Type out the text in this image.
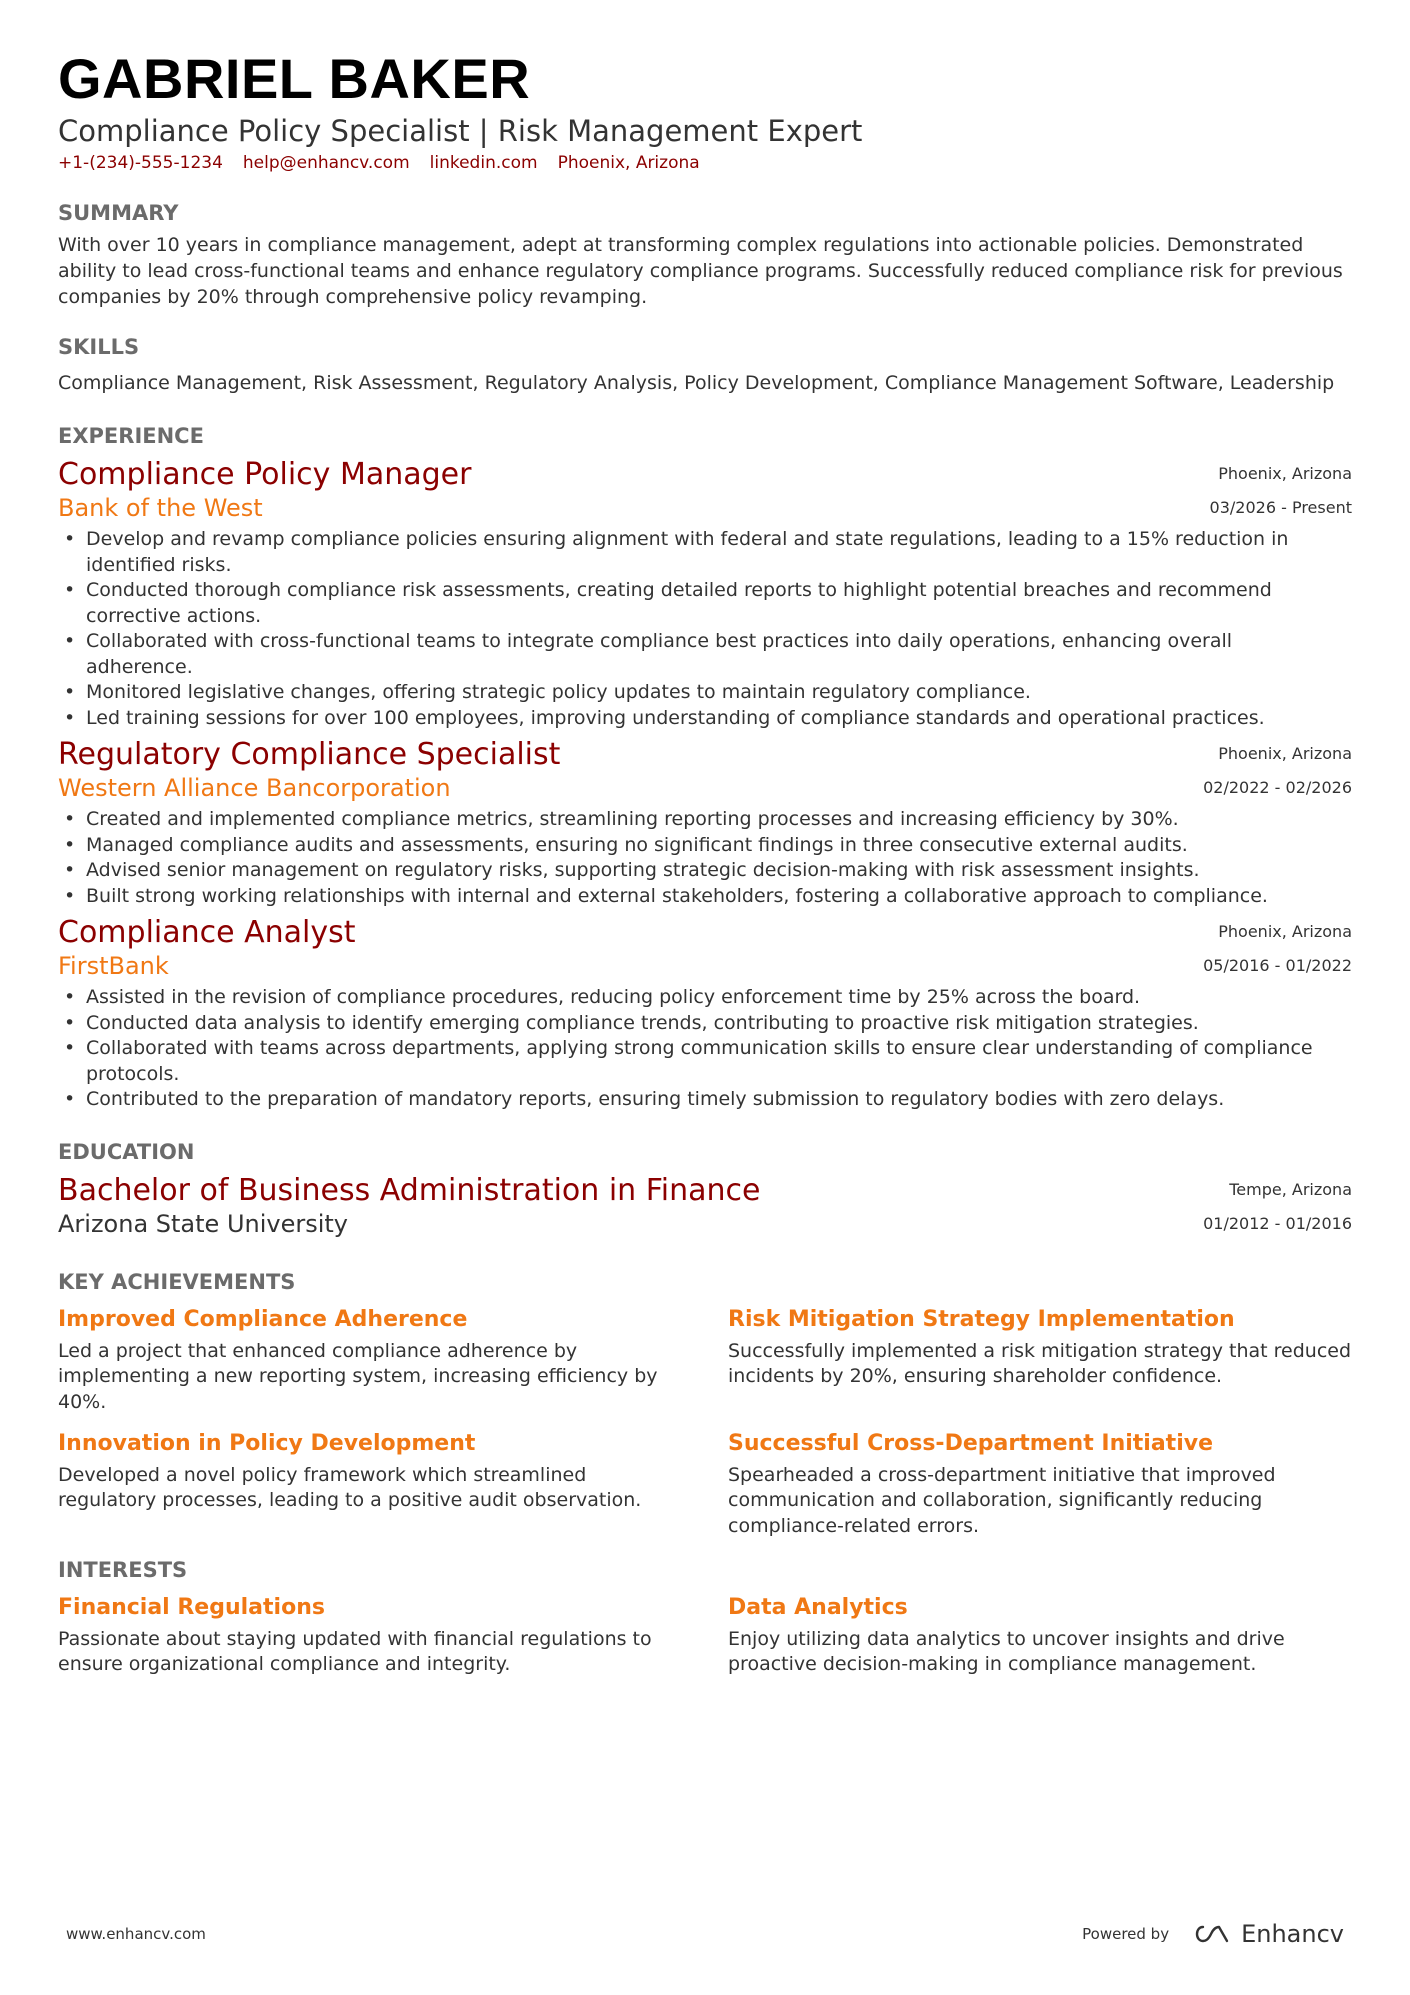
GABRIEL BAKER
Compliance Policy Specialist | Risk Management Expert
+1-(234)-555-1234 help@enhancv.com linkedin.com Phoenix, Arizona
SUMMARY
With over 10 years in compliance management, adept at transforming complex regulations into actionable policies. Demonstrated ability to lead cross-functional teams and enhance regulatory compliance programs. Successfully reduced compliance risk for previous companies by 20% through comprehensive policy revamping.
SKILLS
Compliance Management, Risk Assessment, Regulatory Analysis, Policy Development, Compliance Management Software, Leadership
EXPERIENCE
Compliance Policy Manager
Bank of the West
Phoenix, Arizona
03/2026 - Present
• Develop and revamp compliance policies ensuring alignment with federal and state regulations, leading to a 15% reduction in identified risks.
• Conducted thorough compliance risk assessments, creating detailed reports to highlight potential breaches and recommend corrective actions.
• Collaborated with cross-functional teams to integrate compliance best practices into daily operations, enhancing overall adherence.
• Monitored legislative changes, offering strategic policy updates to maintain regulatory compliance.
• Led training sessions for over 100 employees, improving understanding of compliance standards and operational practices.
Regulatory Compliance Specialist
Western Alliance Bancorporation
Phoenix, Arizona
02/2022 - 02/2026
• Created and implemented compliance metrics, streamlining reporting processes and increasing efficiency by 30%.
• Managed compliance audits and assessments, ensuring no significant findings in three consecutive external audits.
• Advised senior management on regulatory risks, supporting strategic decision-making with risk assessment insights.
• Built strong working relationships with internal and external stakeholders, fostering a collaborative approach to compliance.
Compliance Analyst
FirstBank
Phoenix, Arizona
05/2016 - 01/2022
• Assisted in the revision of compliance procedures, reducing policy enforcement time by 25% across the board.
• Conducted data analysis to identify emerging compliance trends, contributing to proactive risk mitigation strategies.
• Collaborated with teams across departments, applying strong communication skills to ensure clear understanding of compliance protocols.
• Contributed to the preparation of mandatory reports, ensuring timely submission to regulatory bodies with zero delays.
EDUCATION
Bachelor of Business Administration in Finance
Arizona State University
Tempe, Arizona
01/2012 - 01/2016
KEY ACHIEVEMENTS
Improved Compliance Adherence
Led a project that enhanced compliance adherence by implementing a new reporting system, increasing efficiency by 40%.
Risk Mitigation Strategy Implementation
Successfully implemented a risk mitigation strategy that reduced incidents by 20%, ensuring shareholder confidence.
Innovation in Policy Development
Developed a novel policy framework which streamlined regulatory processes, leading to a positive audit observation.
Successful Cross-Department Initiative
Spearheaded a cross-department initiative that improved communication and collaboration, significantly reducing compliance-related errors.
INTERESTS
Financial Regulations
Passionate about staying updated with financial regulations to ensure organizational compliance and integrity.
Data Analytics
Enjoy utilizing data analytics to uncover insights and drive proactive decision-making in compliance management.
www.enhancv.com	Powered by	Enhancv
